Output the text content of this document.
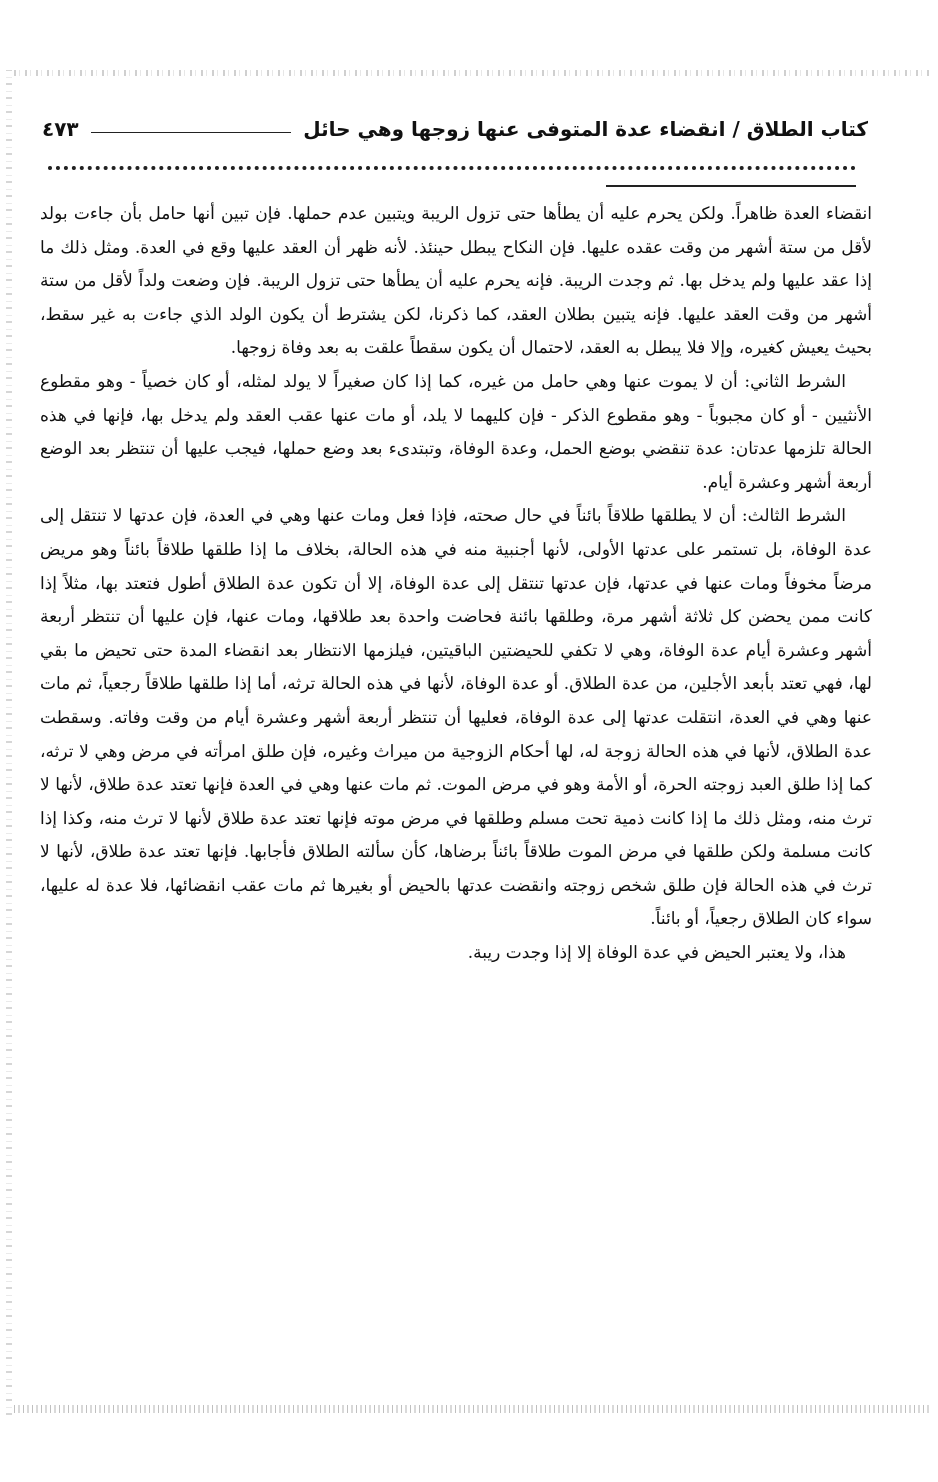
كتاب الطلاق / انقضاء عدة المتوفى عنها زوجها وهي حائل
٤٧٣

انقضاء العدة ظاهراً. ولكن يحرم عليه أن يطأها حتى تزول الريبة ويتبين عدم حملها. فإن تبين أنها حامل بأن جاءت بولد لأقل من ستة أشهر من وقت عقده عليها. فإن النكاح يبطل حينئذ. لأنه ظهر أن العقد عليها وقع في العدة. ومثل ذلك ما إذا عقد عليها ولم يدخل بها. ثم وجدت الريبة. فإنه يحرم عليه أن يطأها حتى تزول الريبة. فإن وضعت ولداً لأقل من ستة أشهر من وقت العقد عليها. فإنه يتبين بطلان العقد، كما ذكرنا، لكن يشترط أن يكون الولد الذي جاءت به غير سقط، بحيث يعيش كغيره، وإلا فلا يبطل به العقد، لاحتمال أن يكون سقطاً علقت به بعد وفاة زوجها.

الشرط الثاني: أن لا يموت عنها وهي حامل من غيره، كما إذا كان صغيراً لا يولد لمثله، أو كان خصياً - وهو مقطوع الأنثيين - أو كان مجبوباً - وهو مقطوع الذكر - فإن كليهما لا يلد، أو مات عنها عقب العقد ولم يدخل بها، فإنها في هذه الحالة تلزمها عدتان: عدة تنقضي بوضع الحمل، وعدة الوفاة، وتبتدىء بعد وضع حملها، فيجب عليها أن تنتظر بعد الوضع أربعة أشهر وعشرة أيام.

الشرط الثالث: أن لا يطلقها طلاقاً بائناً في حال صحته، فإذا فعل ومات عنها وهي في العدة، فإن عدتها لا تنتقل إلى عدة الوفاة، بل تستمر على عدتها الأولى، لأنها أجنبية منه في هذه الحالة، بخلاف ما إذا طلقها طلاقاً بائناً وهو مريض مرضاً مخوفاً ومات عنها في عدتها، فإن عدتها تنتقل إلى عدة الوفاة، إلا أن تكون عدة الطلاق أطول فتعتد بها، مثلاً إذا كانت ممن يحضن كل ثلاثة أشهر مرة، وطلقها بائنة فحاضت واحدة بعد طلاقها، ومات عنها، فإن عليها أن تنتظر أربعة أشهر وعشرة أيام عدة الوفاة، وهي لا تكفي للحيضتين الباقيتين، فيلزمها الانتظار بعد انقضاء المدة حتى تحيض ما بقي لها، فهي تعتد بأبعد الأجلين، من عدة الطلاق. أو عدة الوفاة، لأنها في هذه الحالة ترثه، أما إذا طلقها طلاقاً رجعياً، ثم مات عنها وهي في العدة، انتقلت عدتها إلى عدة الوفاة، فعليها أن تنتظر أربعة أشهر وعشرة أيام من وقت وفاته. وسقطت عدة الطلاق، لأنها في هذه الحالة زوجة له، لها أحكام الزوجية من ميراث وغيره، فإن طلق امرأته في مرض وهي لا ترثه، كما إذا طلق العبد زوجته الحرة، أو الأمة وهو في مرض الموت. ثم مات عنها وهي في العدة فإنها تعتد عدة طلاق، لأنها لا ترث منه، ومثل ذلك ما إذا كانت ذمية تحت مسلم وطلقها في مرض موته فإنها تعتد عدة طلاق لأنها لا ترث منه، وكذا إذا كانت مسلمة ولكن طلقها في مرض الموت طلاقاً بائناً برضاها، كأن سألته الطلاق فأجابها. فإنها تعتد عدة طلاق، لأنها لا ترث في هذه الحالة فإن طلق شخص زوجته وانقضت عدتها بالحيض أو بغيرها ثم مات عقب انقضائها، فلا عدة له عليها، سواء كان الطلاق رجعياً، أو بائناً.

هذا، ولا يعتبر الحيض في عدة الوفاة إلا إذا وجدت ريبة.
